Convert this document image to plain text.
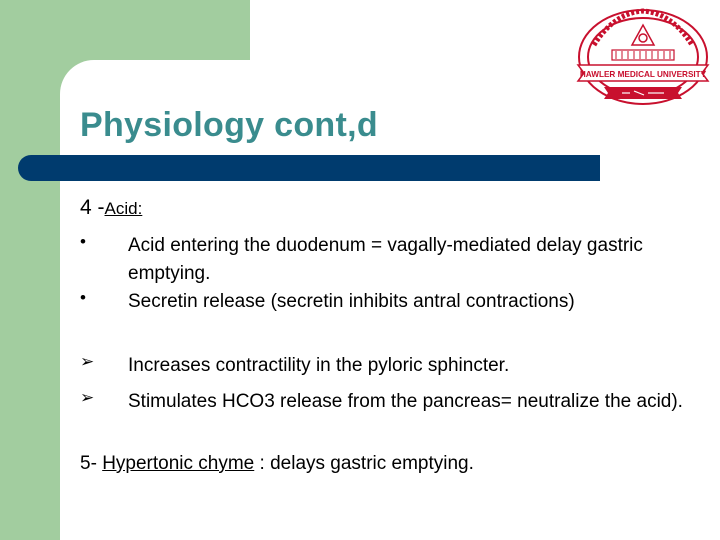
Physiology cont,d
HAWLER MEDICAL UNIVERSITY
4 -Acid:
•	Acid entering the duodenum = vagally-mediated delay gastric emptying.
•	Secretin release (secretin inhibits antral contractions)
➢	Increases contractility in the pyloric sphincter.
➢	Stimulates HCO3 release from the pancreas= neutralize the acid).
5- Hypertonic chyme : delays gastric emptying.
